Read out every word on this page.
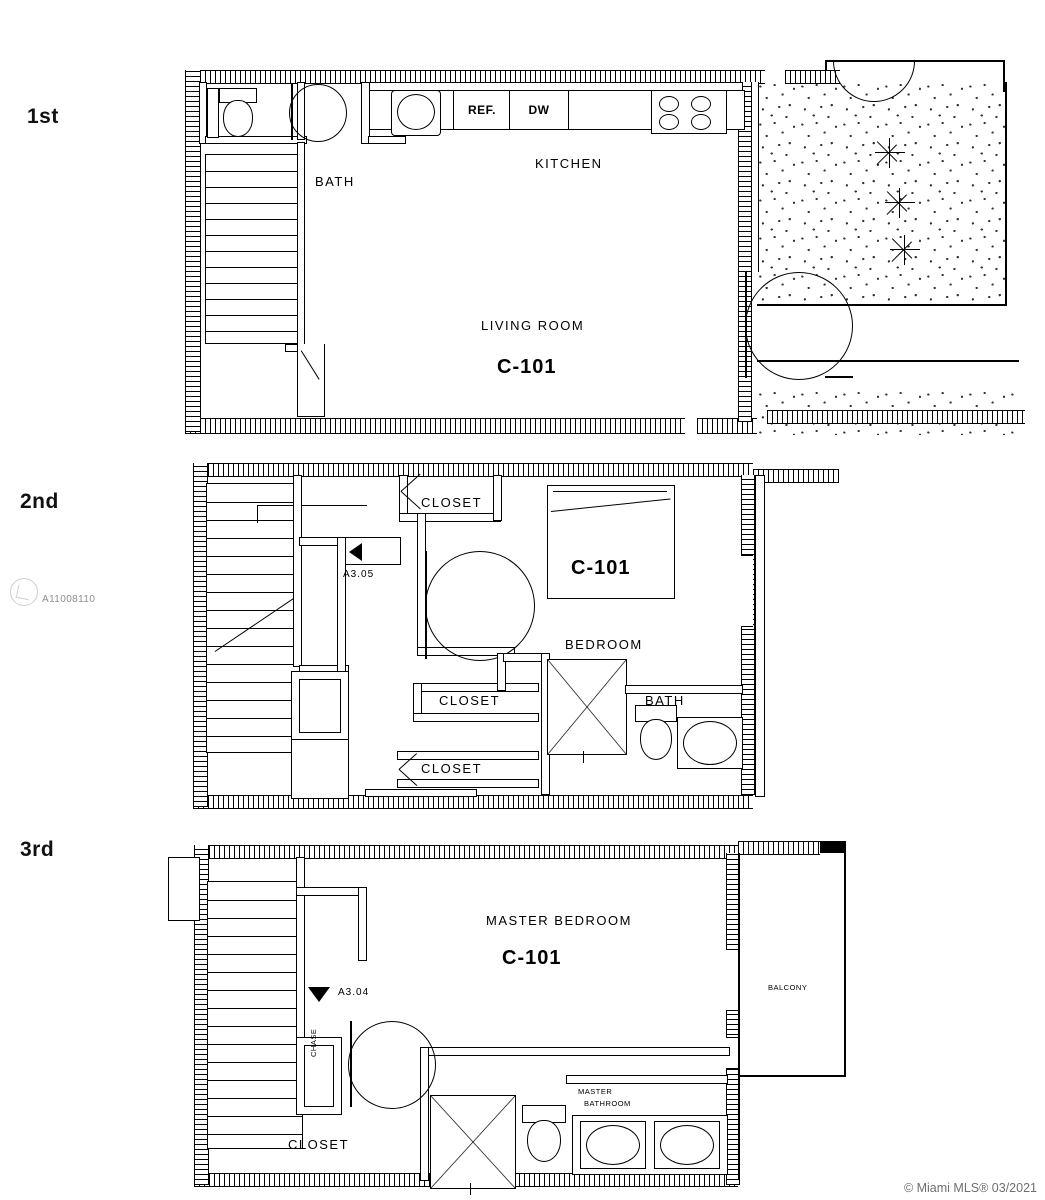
1st
BATH
REF.	DW
KITCHEN
LIVING ROOM
C-101
2nd
A3.05
CLOSET
C-101
BEDROOM
CLOSET
CLOSET
BATH
A11008110
3rd
BALCONY
A3.04
CHASE
MASTER BEDROOM
C-101
MASTER
BATHROOM
CLOSET
© Miami MLS® 03/2021
